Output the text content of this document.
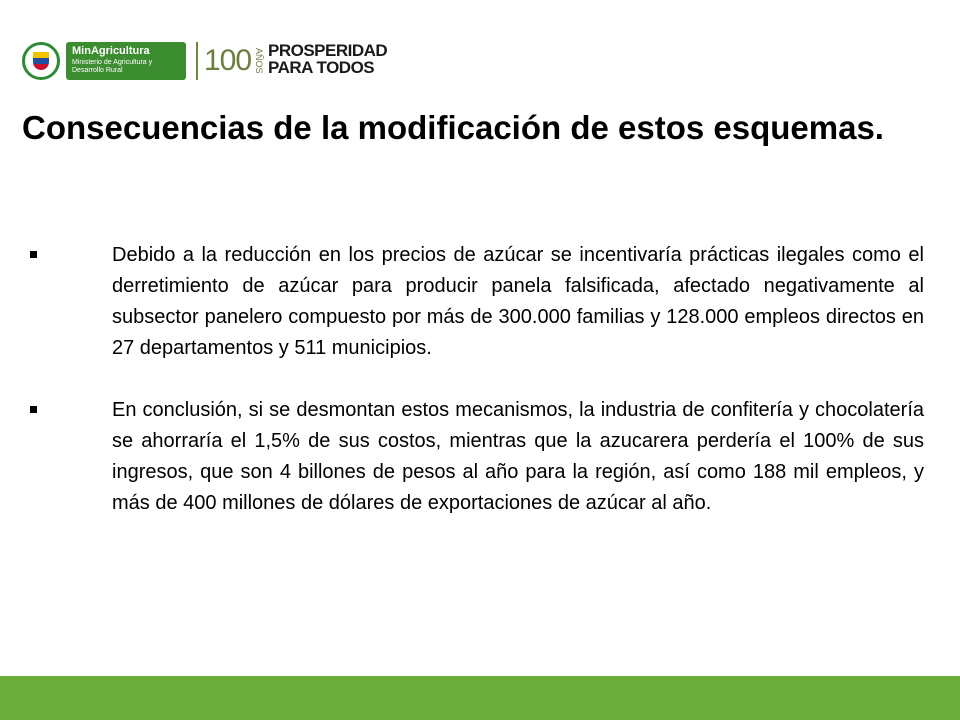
MinAgricultura
Ministerio de Agricultura y Desarrollo Rural	100 AÑOS PROSPERIDAD
PARA TODOS
Consecuencias de la modificación de estos esquemas.
Debido a la reducción en los precios de azúcar se incentivaría prácticas ilegales como el derretimiento de azúcar para producir panela falsificada, afectado negativamente al subsector panelero compuesto por más de 300.000 familias y 128.000 empleos directos en 27 departamentos y 511 municipios.
En conclusión, si se desmontan estos mecanismos, la industria de confitería y chocolatería se ahorraría el 1,5% de sus costos, mientras que la azucarera perdería el 100% de sus ingresos, que son 4 billones de pesos al año para la región, así como 188 mil empleos, y más de 400 millones de dólares de exportaciones de azúcar al año.
